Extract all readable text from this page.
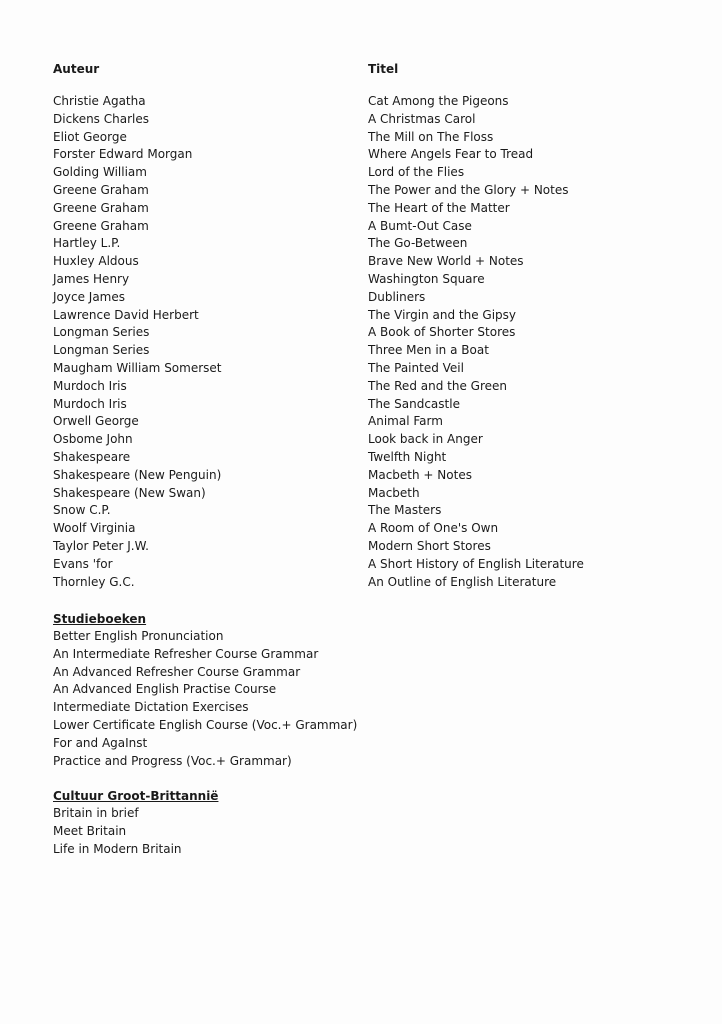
Auteur
Christie Agatha
Dickens Charles
Eliot George
Forster Edward Morgan
Golding William
Greene Graham
Greene Graham
Greene Graham
Hartley L.P.
Huxley Aldous
James Henry
Joyce James
Lawrence David Herbert
Longman Series
Longman Series
Maugham William Somerset
Murdoch Iris
Murdoch Iris
Orwell George
Osbome John
Shakespeare
Shakespeare (New Penguin)
Shakespeare (New Swan)
Snow C.P.
Woolf Virginia
Taylor Peter J.W.
Evans 'for
Thornley G.C.
Titel
Cat Among the Pigeons
A Christmas Carol
The Mill on The Floss
Where Angels Fear to Tread
Lord of the Flies
The Power and the Glory + Notes
The Heart of the Matter
A Bumt-Out Case
The Go-Between
Brave New World + Notes
Washington Square
Dubliners
The Virgin and the Gipsy
A Book of Shorter Stores
Three Men in a Boat
The Painted Veil
The Red and the Green
The Sandcastle
Animal Farm
Look back in Anger
Twelfth Night
Macbeth + Notes
Macbeth
The Masters
A Room of One's Own
Modern Short Stores
A Short History of English Literature
An Outline of English Literature
Studieboeken
Better English Pronunciation
An Intermediate Refresher Course Grammar
An Advanced Refresher Course Grammar
An Advanced English Practise Course
Intermediate Dictation Exercises
Lower Certificate English Course (Voc.+ Grammar)
For and AgaInst
Practice and Progress (Voc.+ Grammar)
Cultuur Groot-Brittannië
Britain in brief
Meet Britain
Life in Modern Britain
